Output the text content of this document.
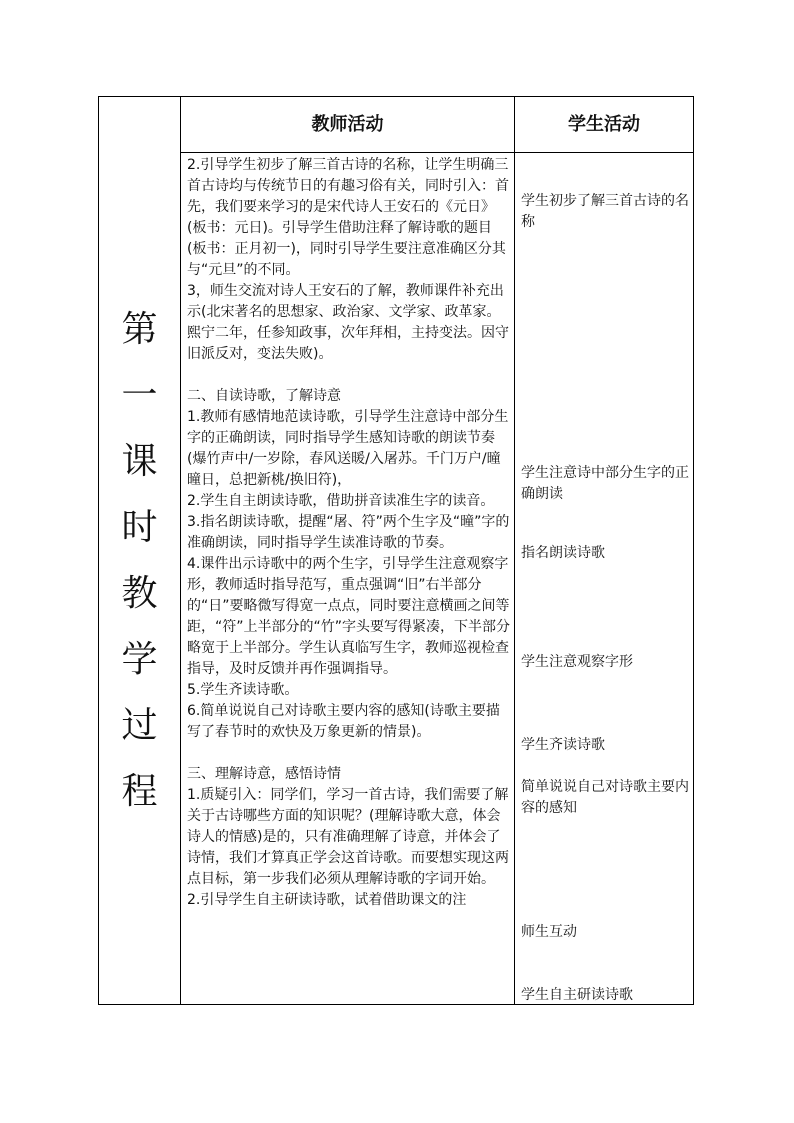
第
一
课
时
教
学
过
程
教师活动	学生活动

2.引导学生初步了解三首古诗的名称，让学生明确三首古诗均与传统节日的有趣习俗有关，同时引入：首先，我们要来学习的是宋代诗人王安石的《元日》(板书：元日)。引导学生借助注释了解诗歌的题目(板书：正月初一)，同时引导学生要注意准确区分其与“元旦”的不同。

3，师生交流对诗人王安石的了解，教师课件补充出示(北宋著名的思想家、政治家、文学家、政革家。熙宁二年，任参知政事，次年拜相，主持变法。因守旧派反对，变法失败)。

二、自读诗歌，了解诗意

1.教师有感情地范读诗歌，引导学生注意诗中部分生字的正确朗读，同时指导学生感知诗歌的朗读节奏(爆竹声中/一岁除，春风送暖/入屠苏。千门万户/曈曈日，总把新桃/换旧符)，

2.学生自主朗读诗歌，借助拼音读准生字的读音。

3.指名朗读诗歌，提醒“屠、符”两个生字及“曈”字的准确朗读，同时指导学生读准诗歌的节奏。

4.课件出示诗歌中的两个生字，引导学生注意观察字形，教师适时指导范写，重点强调“旧”右半部分的“日”要略微写得宽一点点，同时要注意横画之间等距，“符”上半部分的“竹”字头要写得紧凑，下半部分略宽于上半部分。学生认真临写生字，教师巡视检查指导，及时反馈并再作强调指导。

5.学生齐读诗歌。

6.简单说说自己对诗歌主要内容的感知(诗歌主要描写了春节时的欢快及万象更新的情景)。

三、理解诗意，感悟诗情

1.质疑引入：同学们，学习一首古诗，我们需要了解关于古诗哪些方面的知识呢？(理解诗歌大意，体会诗人的情感)是的，只有准确理解了诗意，并体会了诗情，我们才算真正学会这首诗歌。而要想实现这两点目标，第一步我们必须从理解诗歌的字词开始。

2.引导学生自主研读诗歌，试着借助课文的注

学生初步了解三首古诗的名称
学生注意诗中部分生字的正确朗读
指名朗读诗歌
学生注意观察字形
学生齐读诗歌
简单说说自己对诗歌主要内容的感知
师生互动
学生自主研读诗歌
